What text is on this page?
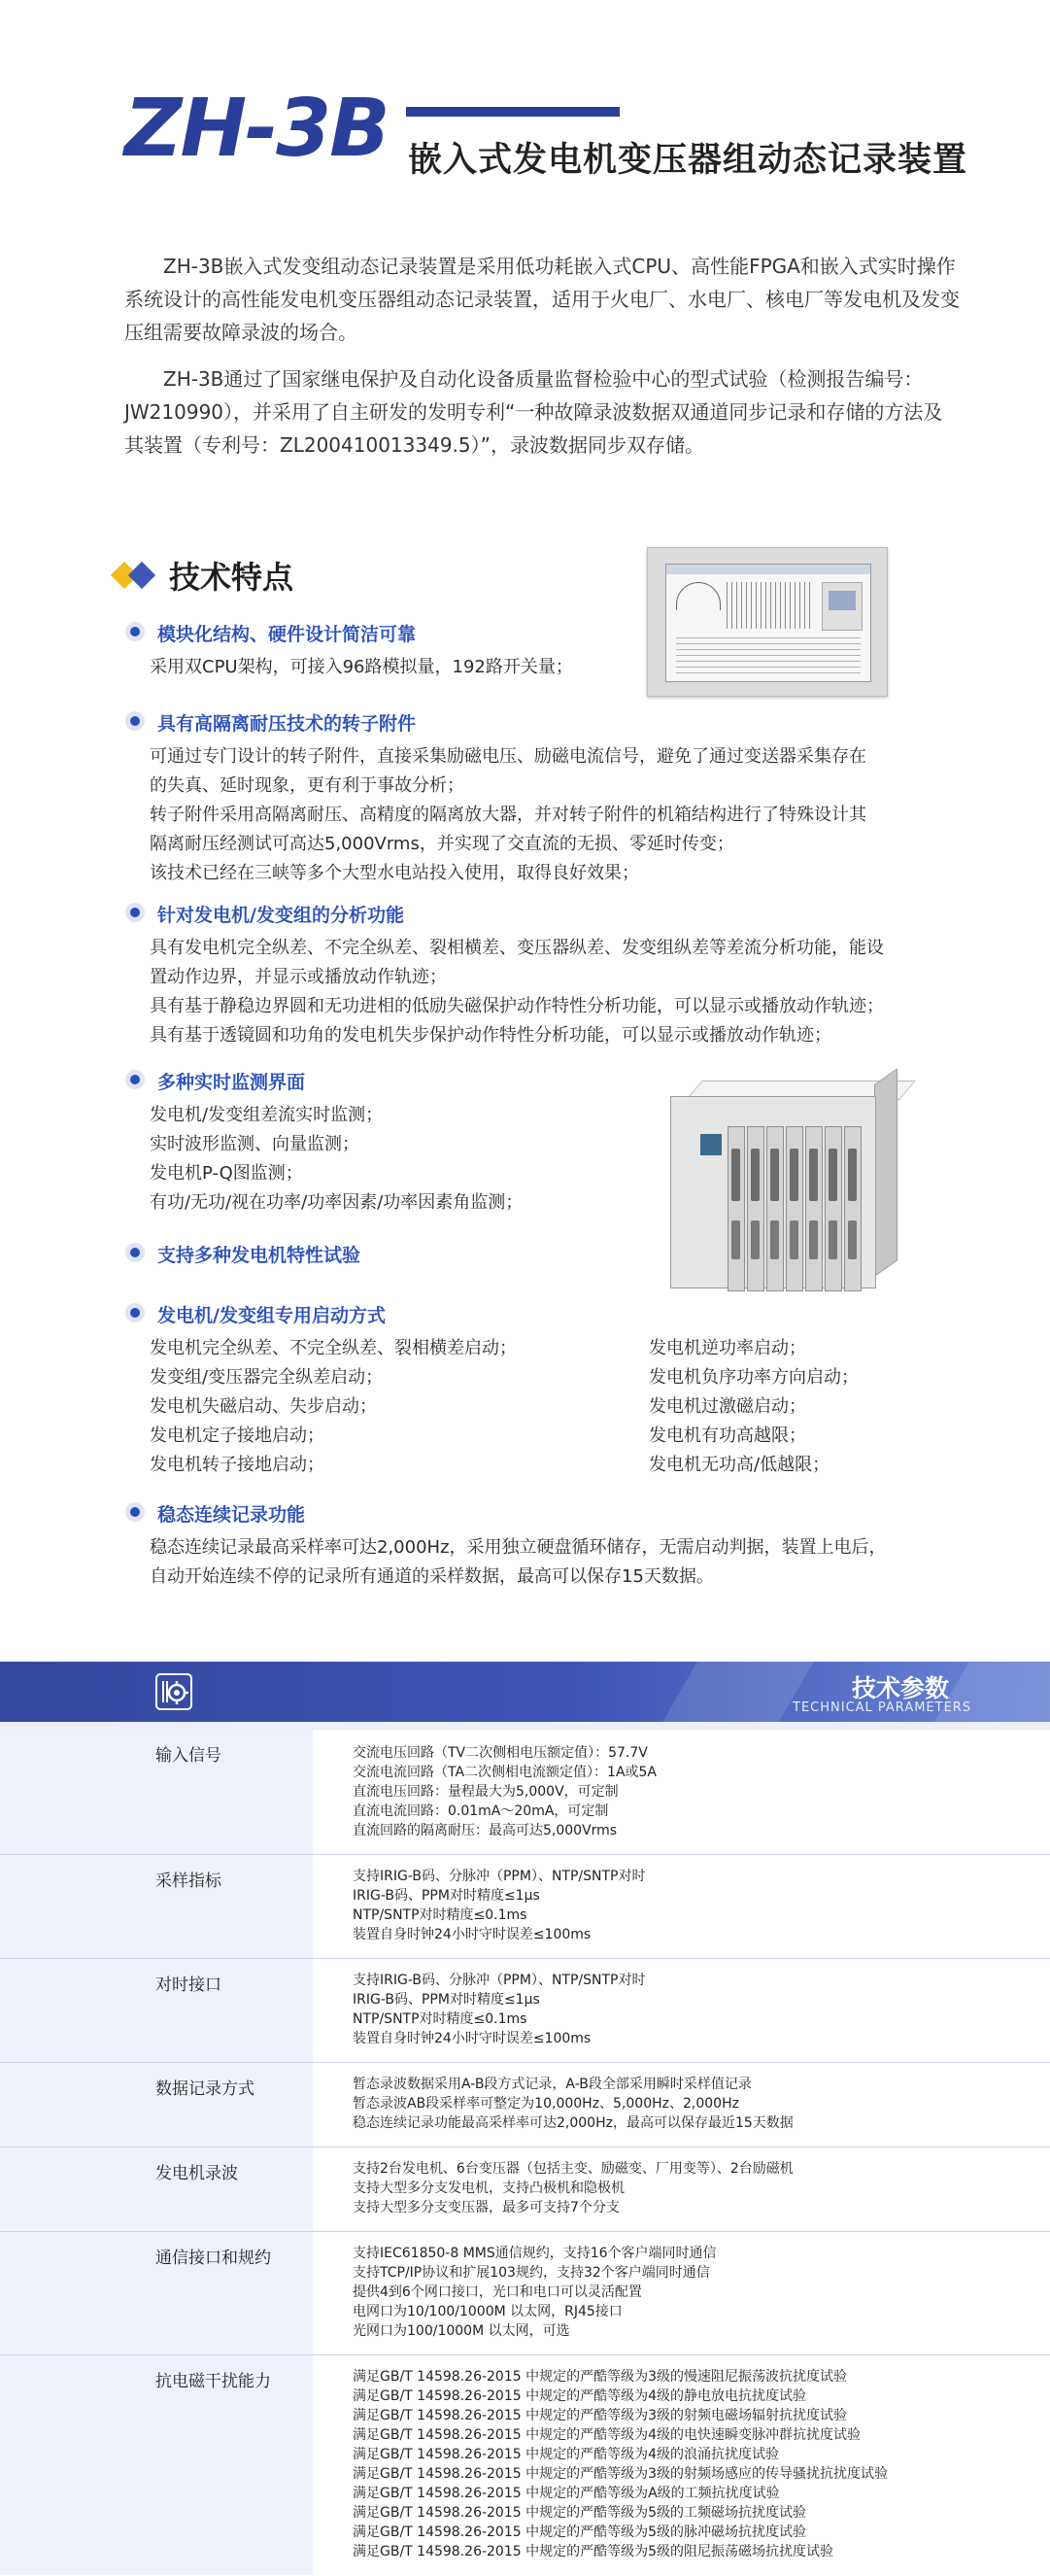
ZH-3B 嵌入式发电机变压器组动态记录装置

ZH-3B嵌入式发变组动态记录装置是采用低功耗嵌入式CPU、高性能FPGA和嵌入式实时操作系统设计的高性能发电机变压器组动态记录装置，适用于火电厂、水电厂、核电厂等发电机及发变压组需要故障录波的场合。

ZH-3B通过了国家继电保护及自动化设备质量监督检验中心的型式试验（检测报告编号：JW210990），并采用了自主研发的发明专利“一种故障录波数据双通道同步记录和存储的方法及其装置（专利号：ZL200410013349.5）”，录波数据同步双存储。

技术特点
模块化结构、硬件设计简洁可靠
采用双CPU架构，可接入96路模拟量，192路开关量；
具有高隔离耐压技术的转子附件
可通过专门设计的转子附件，直接采集励磁电压、励磁电流信号，避免了通过变送器采集存在
的失真、延时现象，更有利于事故分析；
转子附件采用高隔离耐压、高精度的隔离放大器，并对转子附件的机箱结构进行了特殊设计其
隔离耐压经测试可高达5,000Vrms，并实现了交直流的无损、零延时传变；
该技术已经在三峡等多个大型水电站投入使用，取得良好效果；
针对发电机/发变组的分析功能
具有发电机完全纵差、不完全纵差、裂相横差、变压器纵差、发变组纵差等差流分析功能，能设
置动作边界，并显示或播放动作轨迹；
具有基于静稳边界圆和无功进相的低励失磁保护动作特性分析功能，可以显示或播放动作轨迹；
具有基于透镜圆和功角的发电机失步保护动作特性分析功能，可以显示或播放动作轨迹；
多种实时监测界面
发电机/发变组差流实时监测；
实时波形监测、向量监测；
发电机P-Q图监测；
有功/无功/视在功率/功率因素/功率因素角监测；
支持多种发电机特性试验
发电机/发变组专用启动方式
发电机完全纵差、不完全纵差、裂相横差启动；
发变组/变压器完全纵差启动；
发电机失磁启动、失步启动；
发电机定子接地启动；
发电机转子接地启动；
发电机逆功率启动；
发电机负序功率方向启动；
发电机过激磁启动；
发电机有功高越限；
发电机无功高/低越限；
稳态连续记录功能
稳态连续记录最高采样率可达2,000Hz，采用独立硬盘循环储存，无需启动判据，装置上电后，
自动开始连续不停的记录所有通道的采样数据，最高可以保存15天数据。
技术参数
TECHNICAL PARAMETERS
输入信号	交流电压回路（TV二次侧相电压额定值）：57.7V
交流电流回路（TA二次侧相电流额定值）：1A或5A
直流电压回路：量程最大为5,000V，可定制
直流电流回路：0.01mA～20mA，可定制
直流回路的隔离耐压：最高可达5,000Vrms
采样指标	支持IRIG-B码、分脉冲（PPM）、NTP/SNTP对时
IRIG-B码、PPM对时精度≤1μs
NTP/SNTP对时精度≤0.1ms
装置自身时钟24小时守时误差≤100ms
对时接口	支持IRIG-B码、分脉冲（PPM）、NTP/SNTP对时
IRIG-B码、PPM对时精度≤1μs
NTP/SNTP对时精度≤0.1ms
装置自身时钟24小时守时误差≤100ms
数据记录方式	暂态录波数据采用A-B段方式记录，A-B段全部采用瞬时采样值记录
暂态录波AB段采样率可整定为10,000Hz、5,000Hz、2,000Hz
稳态连续记录功能最高采样率可达2,000Hz，最高可以保存最近15天数据
发电机录波	支持2台发电机、6台变压器（包括主变、励磁变、厂用变等）、2台励磁机
支持大型多分支发电机，支持凸极机和隐极机
支持大型多分支变压器，最多可支持7个分支
通信接口和规约	支持IEC61850-8 MMS通信规约，支持16个客户端同时通信
支持TCP/IP协议和扩展103规约，支持32个客户端同时通信
提供4到6个网口接口，光口和电口可以灵活配置
电网口为10/100/1000M 以太网，RJ45接口
光网口为100/1000M 以太网，可选
抗电磁干扰能力	满足GB/T 14598.26-2015 中规定的严酷等级为3级的慢速阻尼振荡波抗扰度试验
满足GB/T 14598.26-2015 中规定的严酷等级为4级的静电放电抗扰度试验
满足GB/T 14598.26-2015 中规定的严酷等级为3级的射频电磁场辐射抗扰度试验
满足GB/T 14598.26-2015 中规定的严酷等级为4级的电快速瞬变脉冲群抗扰度试验
满足GB/T 14598.26-2015 中规定的严酷等级为4级的浪涌抗扰度试验
满足GB/T 14598.26-2015 中规定的严酷等级为3级的射频场感应的传导骚扰抗扰度试验
满足GB/T 14598.26-2015 中规定的严酷等级为A级的工频抗扰度试验
满足GB/T 14598.26-2015 中规定的严酷等级为5级的工频磁场抗扰度试验
满足GB/T 14598.26-2015 中规定的严酷等级为5级的脉冲磁场抗扰度试验
满足GB/T 14598.26-2015 中规定的严酷等级为5级的阻尼振荡磁场抗扰度试验
